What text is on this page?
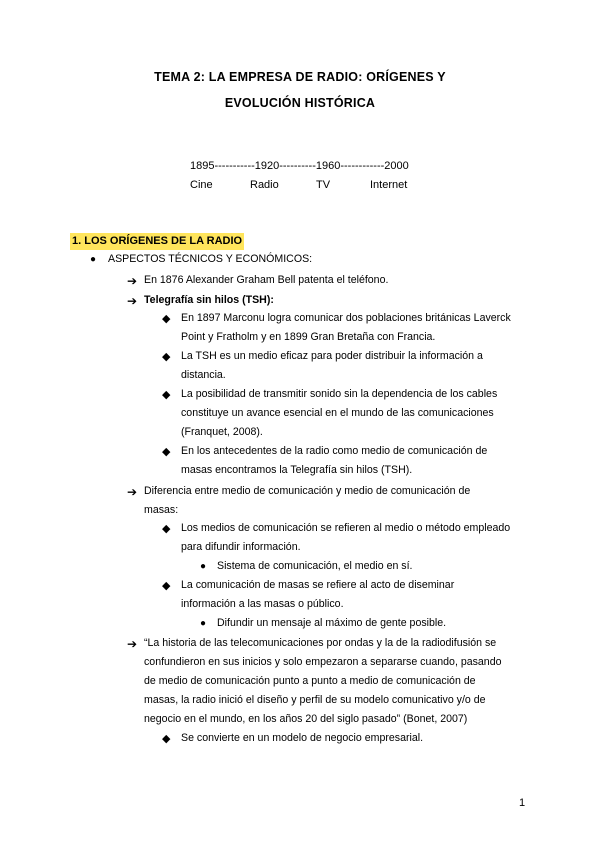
TEMA 2: LA EMPRESA DE RADIO: ORÍGENES Y
EVOLUCIÓN HISTÓRICA
1895-----------1920----------1960------------2000
Cine	Radio	TV	Internet
1. LOS ORÍGENES DE LA RADIO
● ASPECTOS TÉCNICOS Y ECONÓMICOS:
➔ En 1876 Alexander Graham Bell patenta el teléfono.
➔ Telegrafía sin hilos (TSH):
◆ En 1897 Marconu logra comunicar dos poblaciones británicas Laverck
Point y Fratholm y en 1899 Gran Bretaña con Francia.
◆ La TSH es un medio eficaz para poder distribuir la información a
distancia.
◆ La posibilidad de transmitir sonido sin la dependencia de los cables
constituye un avance esencial en el mundo de las comunicaciones
(Franquet, 2008).
◆ En los antecedentes de la radio como medio de comunicación de
masas encontramos la Telegrafía sin hilos (TSH).
➔ Diferencia entre medio de comunicación y medio de comunicación de
masas:
◆ Los medios de comunicación se refieren al medio o método empleado
para difundir información.
● Sistema de comunicación, el medio en sí.
◆ La comunicación de masas se refiere al acto de diseminar
información a las masas o público.
● Difundir un mensaje al máximo de gente posible.
➔ “La historia de las telecomunicaciones por ondas y la de la radiodifusión se
confundieron en sus inicios y solo empezaron a separarse cuando, pasando
de medio de comunicación punto a punto a medio de comunicación de
masas, la radio inició el diseño y perfil de su modelo comunicativo y/o de
negocio en el mundo, en los años 20 del siglo pasado” (Bonet, 2007)
◆ Se convierte en un modelo de negocio empresarial.
1
